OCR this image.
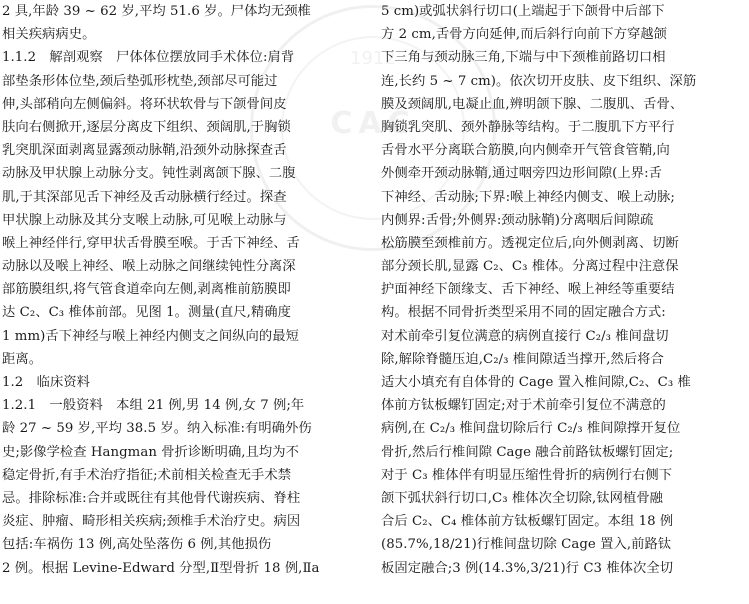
1912
CAC
2 具,年龄 39 ~ 62 岁,平均 51.6 岁。尸体均无颈椎
相关疾病病史。
1.1.2　解剖观察　尸体体位摆放同手术体位:肩背
部垫条形体位垫,颈后垫弧形枕垫,颈部尽可能过
伸,头部稍向左侧偏斜。将环状软骨与下颌骨间皮
肤向右侧掀开,逐层分离皮下组织、颈阔肌,于胸锁
乳突肌深面剥离显露颈动脉鞘,沿颈外动脉探查舌
动脉及甲状腺上动脉分支。钝性剥离颌下腺、二腹
肌,于其深部见舌下神经及舌动脉横行经过。探查
甲状腺上动脉及其分支喉上动脉,可见喉上动脉与
喉上神经伴行,穿甲状舌骨膜至喉。于舌下神经、舌
动脉以及喉上神经、喉上动脉之间继续钝性分离深
部筋膜组织,将气管食道牵向左侧,剥离椎前筋膜即
达 C₂、C₃ 椎体前部。见图 1。测量(直尺,精确度
1 mm)舌下神经与喉上神经内侧支之间纵向的最短
距离。
1.2　临床资料
1.2.1　一般资料　本组 21 例,男 14 例,女 7 例;年
龄 27 ~ 59 岁,平均 38.5 岁。纳入标准:有明确外伤
史;影像学检查 Hangman 骨折诊断明确,且均为不
稳定骨折,有手术治疗指征;术前相关检查无手术禁
忌。排除标准:合并或既往有其他骨代谢疾病、脊柱
炎症、肿瘤、畸形相关疾病;颈椎手术治疗史。病因
包括:车祸伤 13 例,高处坠落伤 6 例,其他损伤
2 例。根据 Levine-Edward 分型,Ⅱ型骨折 18 例,Ⅱa
5 cm)或弧状斜行切口(上端起于下颌骨中后部下
方 2 cm,舌骨方向延伸,而后斜行向前下方穿越颌
下三角与颈动脉三角,下端与中下颈椎前路切口相
连,长约 5 ~ 7 cm)。依次切开皮肤、皮下组织、深筋
膜及颈阔肌,电凝止血,辨明颌下腺、二腹肌、舌骨、
胸锁乳突肌、颈外静脉等结构。于二腹肌下方平行
舌骨水平分离联合筋膜,向内侧牵开气管食管鞘,向
外侧牵开颈动脉鞘,通过咽旁四边形间隙(上界:舌
下神经、舌动脉;下界:喉上神经内侧支、喉上动脉;
内侧界:舌骨;外侧界:颈动脉鞘)分离咽后间隙疏
松筋膜至颈椎前方。透视定位后,向外侧剥离、切断
部分颈长肌,显露 C₂、C₃ 椎体。分离过程中注意保
护面神经下颌缘支、舌下神经、喉上神经等重要结
构。根据不同骨折类型采用不同的固定融合方式:
对术前牵引复位满意的病例直接行 C₂/₃ 椎间盘切
除,解除脊髓压迫,C₂/₃ 椎间隙适当撑开,然后将合
适大小填充有自体骨的 Cage 置入椎间隙,C₂、C₃ 椎
体前方钛板螺钉固定;对于术前牵引复位不满意的
病例,在 C₂/₃ 椎间盘切除后行 C₂/₃ 椎间隙撑开复位
骨折,然后行椎间隙 Cage 融合前路钛板螺钉固定;
对于 C₃ 椎体伴有明显压缩性骨折的病例行右侧下
颌下弧状斜行切口,C₃ 椎体次全切除,钛网植骨融
合后 C₂、C₄ 椎体前方钛板螺钉固定。本组 18 例
(85.7%,18/21)行椎间盘切除 Cage 置入,前路钛
板固定融合;3 例(14.3%,3/21)行 C3 椎体次全切
